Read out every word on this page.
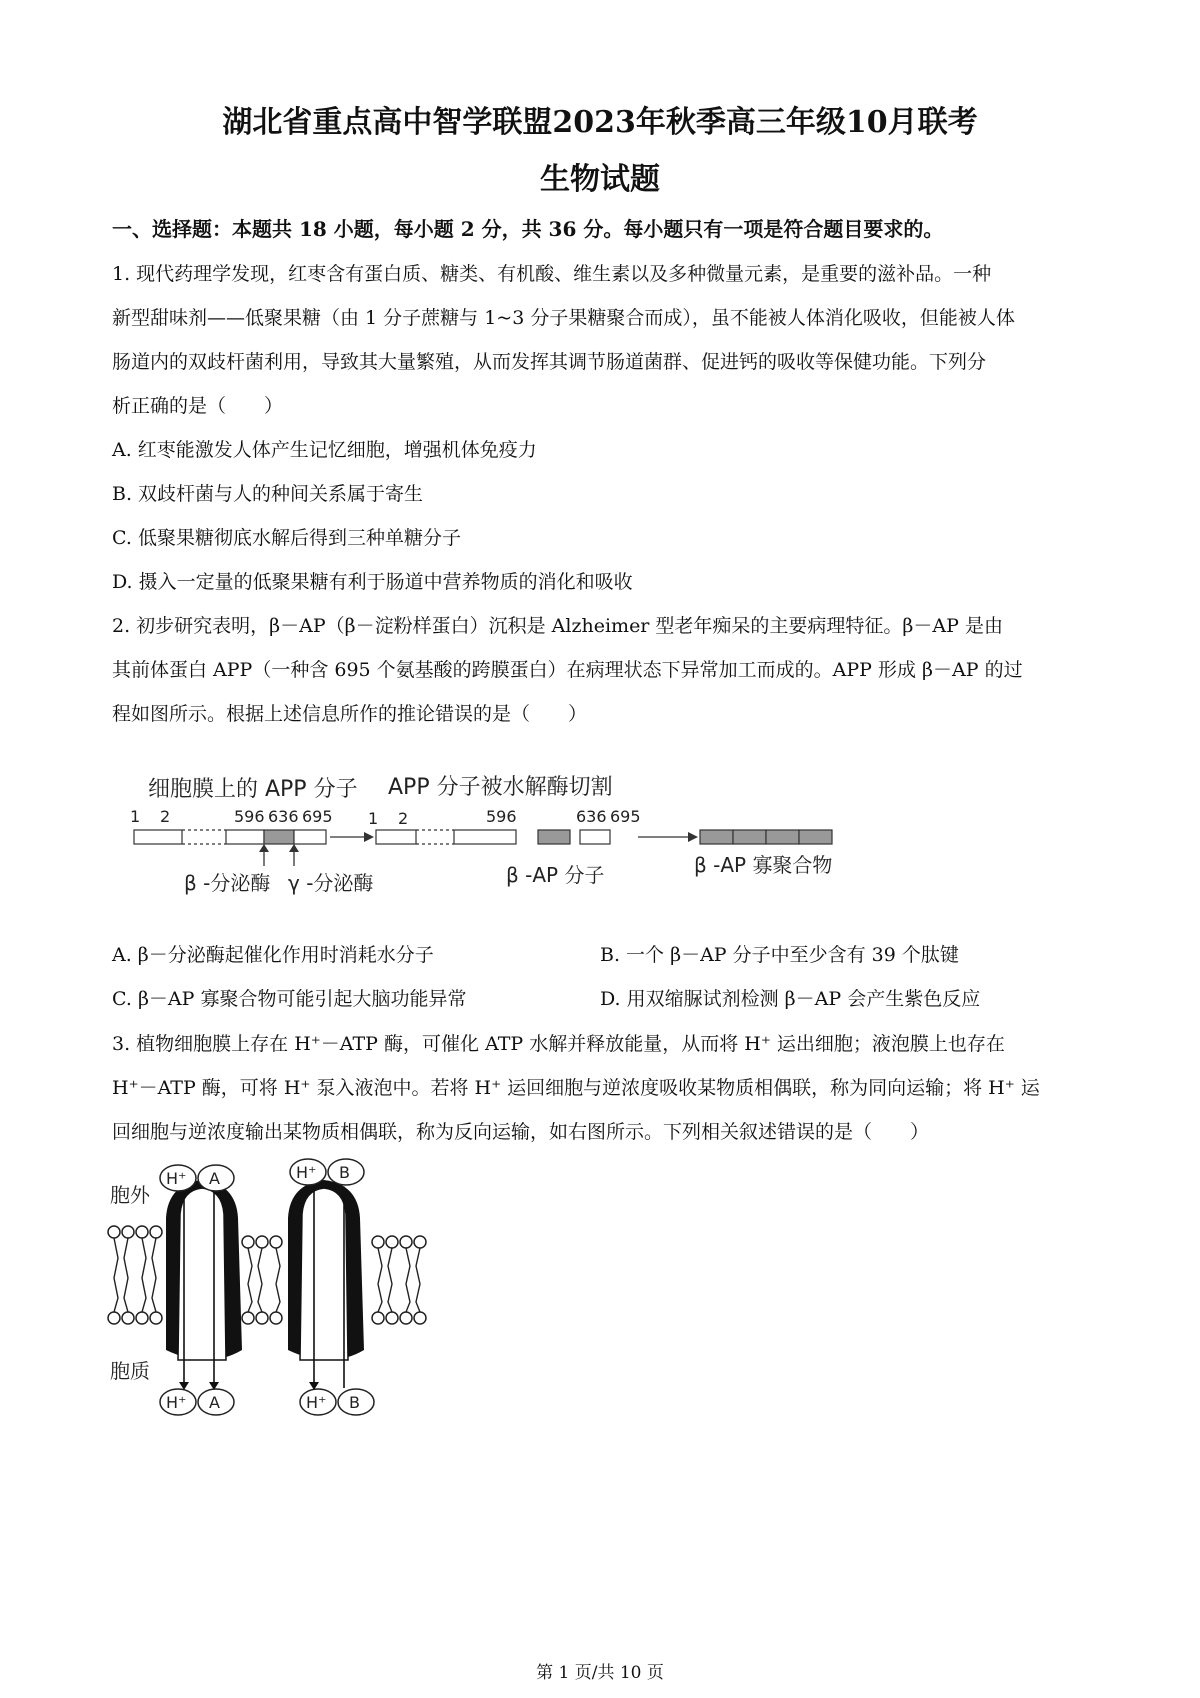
湖北省重点高中智学联盟2023年秋季高三年级10月联考
生物试题
一、选择题：本题共 18 小题，每小题 2 分，共 36 分。每小题只有一项是符合题目要求的。
1. 现代药理学发现，红枣含有蛋白质、糖类、有机酸、维生素以及多种微量元素，是重要的滋补品。一种
新型甜味剂——低聚果糖（由 1 分子蔗糖与 1~3 分子果糖聚合而成），虽不能被人体消化吸收，但能被人体
肠道内的双歧杆菌利用，导致其大量繁殖，从而发挥其调节肠道菌群、促进钙的吸收等保健功能。下列分
析正确的是（　　）
A. 红枣能激发人体产生记忆细胞，增强机体免疫力
B. 双歧杆菌与人的种间关系属于寄生
C. 低聚果糖彻底水解后得到三种单糖分子
D. 摄入一定量的低聚果糖有利于肠道中营养物质的消化和吸收
2. 初步研究表明，β－AP（β－淀粉样蛋白）沉积是 Alzheimer 型老年痴呆的主要病理特征。β－AP 是由
其前体蛋白 APP（一种含 695 个氨基酸的跨膜蛋白）在病理状态下异常加工而成的。APP 形成 β－AP 的过
程如图所示。根据上述信息所作的推论错误的是（　　）
细胞膜上的 APP 分子 APP 分子被水解酶切割
1 2	596 636 695
β -分泌酶 γ -分泌酶
1 2	596	636 695
β -AP 分子	β -AP 寡聚合物
A. β－分泌酶起催化作用时消耗水分子	B. 一个 β－AP 分子中至少含有 39 个肽键
C. β－AP 寡聚合物可能引起大脑功能异常	D. 用双缩脲试剂检测 β－AP 会产生紫色反应
3. 植物细胞膜上存在 H⁺－ATP 酶，可催化 ATP 水解并释放能量，从而将 H⁺ 运出细胞；液泡膜上也存在
H⁺－ATP 酶，可将 H⁺ 泵入液泡中。若将 H⁺ 运回细胞与逆浓度吸收某物质相偶联，称为同向运输；将 H⁺ 运
回细胞与逆浓度输出某物质相偶联，称为反向运输，如右图所示。下列相关叙述错误的是（　　）
胞外
胞质
H⁺ A	H⁺ B
H⁺ A	H⁺ B
第 1 页/共 10 页
